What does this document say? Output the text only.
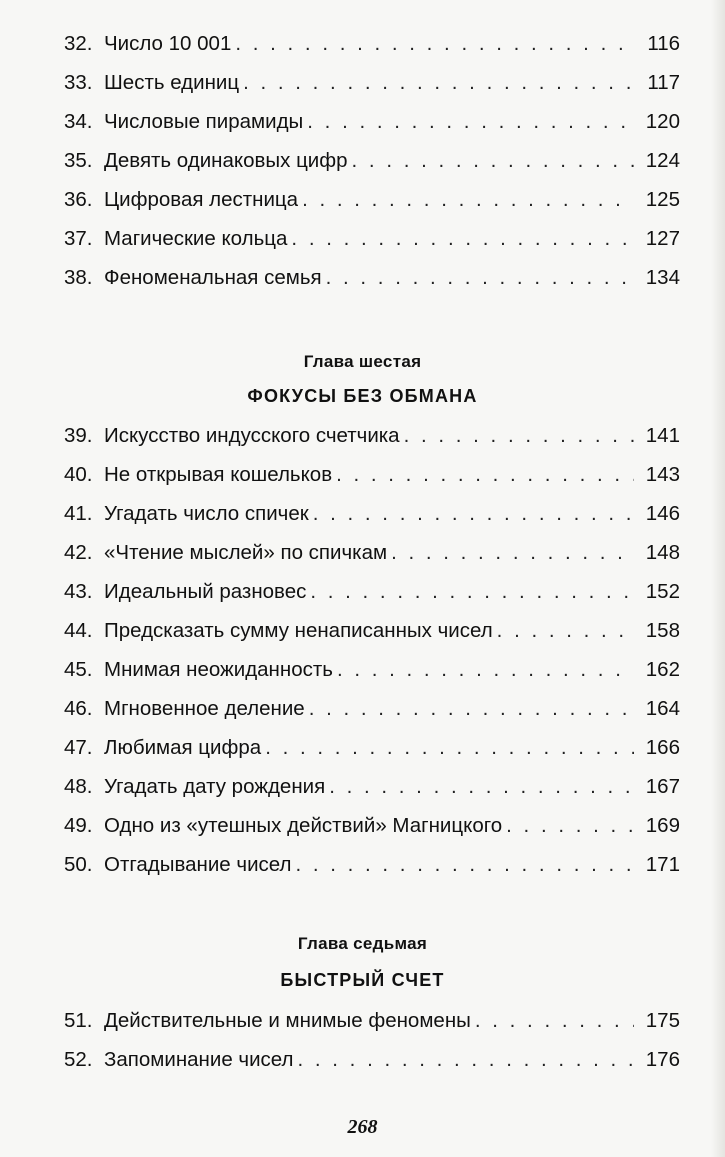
32. Число 10 001 . . .	116
33. Шесть единиц . . .	117
34. Числовые пирамиды . . .	120
35. Девять одинаковых цифр . . .	124
36. Цифровая лестница . . .	125
37. Магические кольца . . .	127
38. Феноменальная семья . . .	134
Глава шестая
ФОКУСЫ БЕЗ ОБМАНА
39. Искусство индусского счетчика . . .	141
40. Не открывая кошельков . . .	143
41. Угадать число спичек . . .	146
42. «Чтение мыслей» по спичкам . . .	148
43. Идеальный разновес . . .	152
44. Предсказать сумму ненаписанных чисел . . .	158
45. Мнимая неожиданность . . .	162
46. Мгновенное деление . . .	164
47. Любимая цифра . . .	166
48. Угадать дату рождения . . .	167
49. Одно из «утешных действий» Магницкого . . .	169
50. Отгадывание чисел . . .	171
Глава седьмая
БЫСТРЫЙ СЧЕТ
51. Действительные и мнимые феномены . . .	175
52. Запоминание чисел . . .	176
268
